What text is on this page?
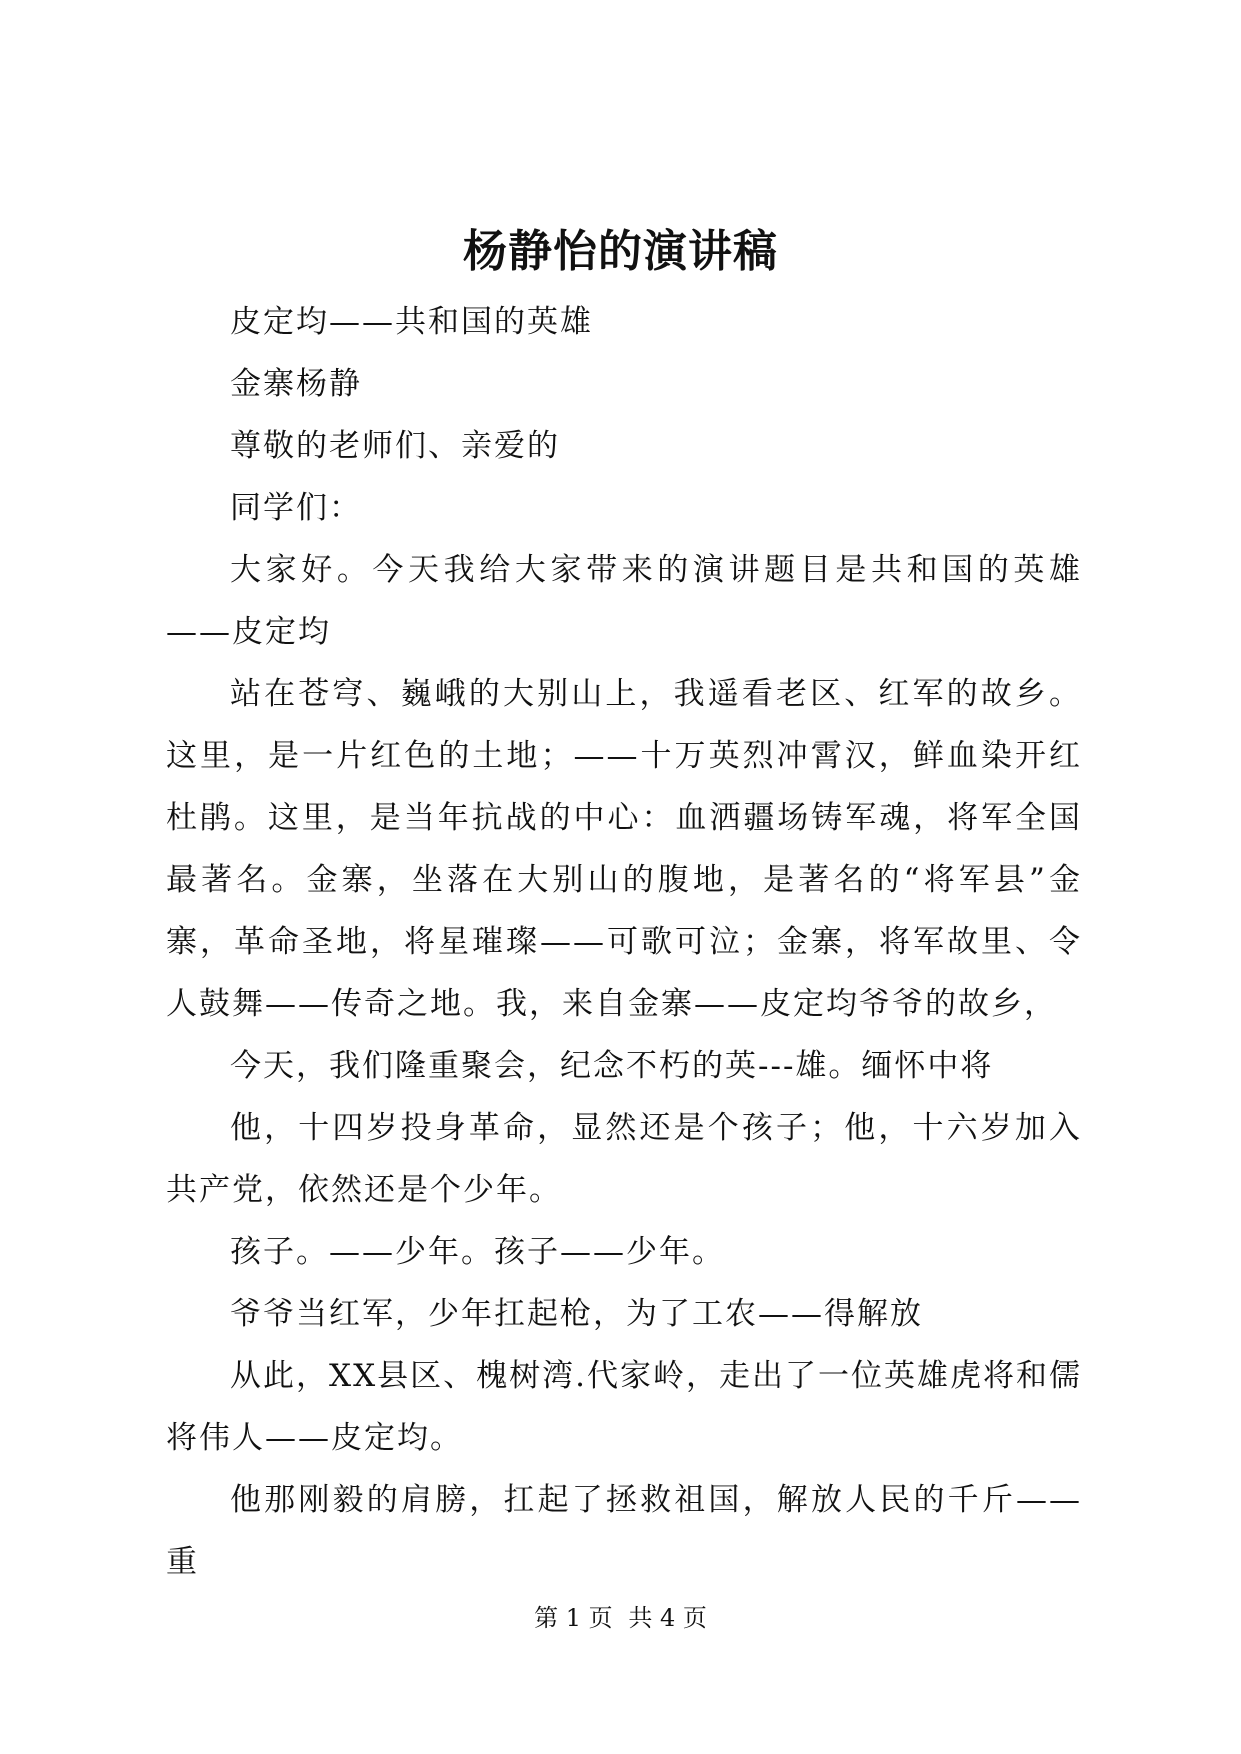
杨静怡的演讲稿

皮定均——共和国的英雄

金寨杨静

尊敬的老师们、亲爱的

同学们：

大家好。今天我给大家带来的演讲题目是共和国的英雄——皮定均

站在苍穹、巍峨的大别山上，我遥看老区、红军的故乡。这里，是一片红色的土地；——十万英烈冲霄汉，鲜血染开红杜鹃。这里，是当年抗战的中心：血洒疆场铸军魂，将军全国最著名。金寨，坐落在大别山的腹地，是著名的“将军县”金寨，革命圣地，将星璀璨——可歌可泣；金寨，将军故里、令人鼓舞——传奇之地。我，来自金寨——皮定均爷爷的故乡，

今天，我们隆重聚会，纪念不朽的英---雄。缅怀中将

他，十四岁投身革命，显然还是个孩子；他，十六岁加入共产党，依然还是个少年。

孩子。——少年。孩子——少年。

爷爷当红军，少年扛起枪，为了工农——得解放

从此，XX县区、槐树湾.代家岭，走出了一位英雄虎将和儒将伟人——皮定均。

他那刚毅的肩膀，扛起了拯救祖国，解放人民的千斤——重

第 1 页 共 4 页
